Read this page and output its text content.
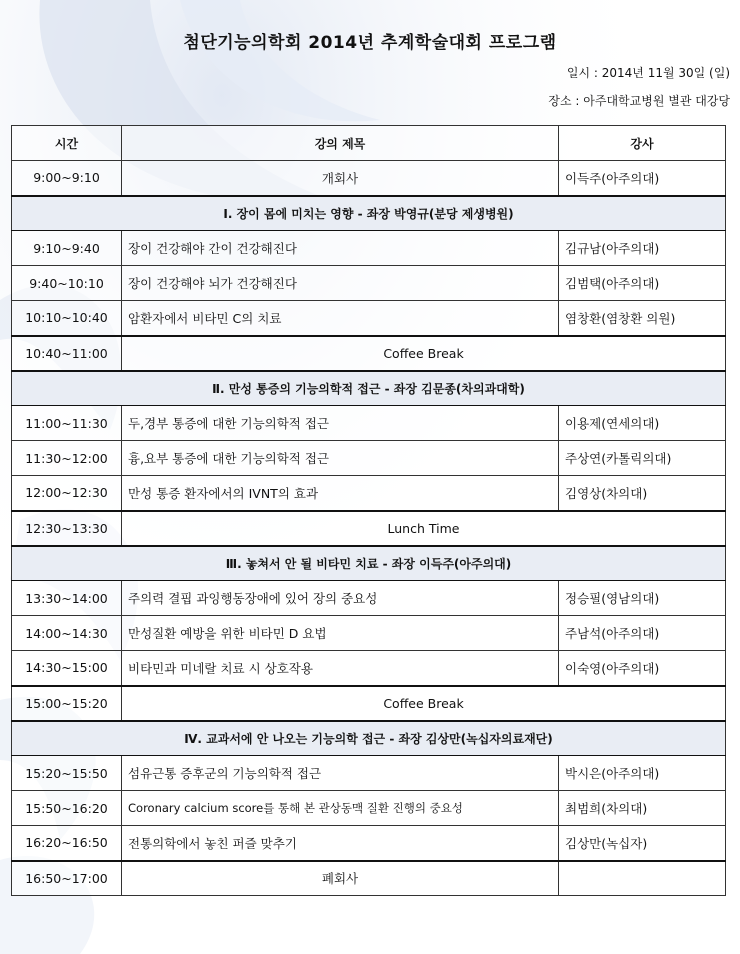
첨단기능의학회 2014년 추계학술대회 프로그램
일시 : 2014년 11월 30일 (일)
장소 : 아주대학교병원 별관 대강당
시간	강의 제목	강사
9:00~9:10	개회사	이득주(아주의대)
Ⅰ. 장이 몸에 미치는 영향 - 좌장 박영규(분당 제생병원)		
9:10~9:40	장이 건강해야 간이 건강해진다	김규남(아주의대)
9:40~10:10	장이 건강해야 뇌가 건강해진다	김범택(아주의대)
10:10~10:40	암환자에서 비타민 C의 치료	염창환(염창환 의원)
10:40~11:00	Coffee Break	
Ⅱ. 만성 통증의 기능의학적 접근 - 좌장 김문종(차의과대학)		
11:00~11:30	두,경부 통증에 대한 기능의학적 접근	이용제(연세의대)
11:30~12:00	흉,요부 통증에 대한 기능의학적 접근	주상연(카톨릭의대)
12:00~12:30	만성 통증 환자에서의 IVNT의 효과	김영상(차의대)
12:30~13:30	Lunch Time	
Ⅲ. 놓쳐서 안 될 비타민 치료 - 좌장 이득주(아주의대)		
13:30~14:00	주의력 결핍 과잉행동장애에 있어 장의 중요성	정승필(영남의대)
14:00~14:30	만성질환 예방을 위한 비타민 D 요법	주남석(아주의대)
14:30~15:00	비타민과 미네랄 치료 시 상호작용	이숙영(아주의대)
15:00~15:20	Coffee Break	
Ⅳ. 교과서에 안 나오는 기능의학 접근 - 좌장 김상만(녹십자의료재단)		
15:20~15:50	섬유근통 증후군의 기능의학적 접근	박시은(아주의대)
15:50~16:20	Coronary calcium score를 통해 본 관상동맥 질환 진행의 중요성	최범희(차의대)
16:20~16:50	전통의학에서 놓친 퍼즐 맞추기	김상만(녹십자)
16:50~17:00	폐회사	
